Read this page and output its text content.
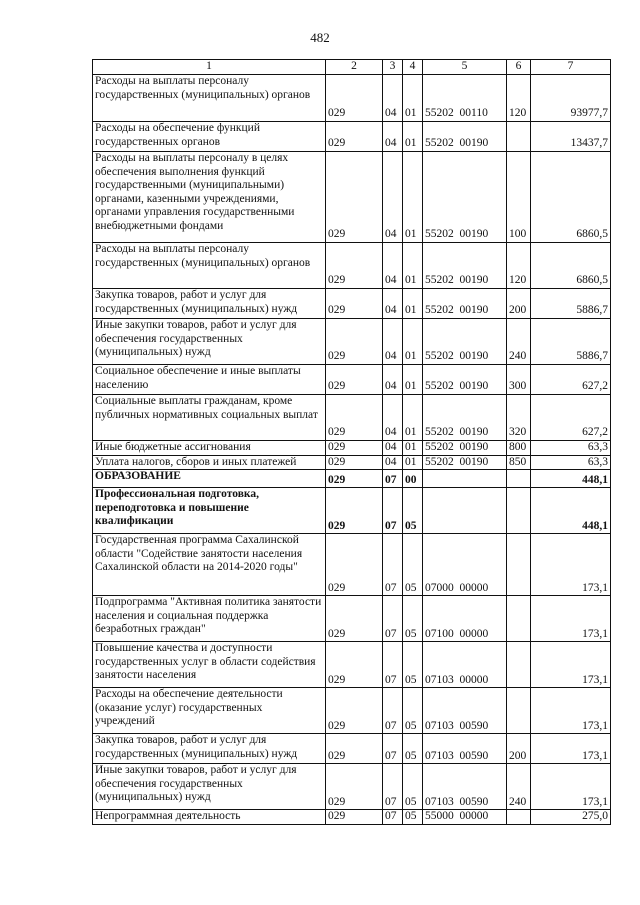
482
1	2	3	4	5	6	7
Расходы на выплаты персоналу государственных (муниципальных) органов	029	04	01	55202  00110	120	93977,7
Расходы на обеспечение функций государственных органов	029	04	01	55202  00190		13437,7
Расходы на выплаты персоналу в целях обеспечения выполнения функций государственными (муниципальными) органами, казенными учреждениями, органами управления государственными внебюджетными фондами	029	04	01	55202  00190	100	6860,5
Расходы на выплаты персоналу государственных (муниципальных) органов	029	04	01	55202  00190	120	6860,5
Закупка товаров, работ и услуг для государственных (муниципальных) нужд	029	04	01	55202  00190	200	5886,7
Иные закупки товаров, работ и услуг для обеспечения государственных (муниципальных) нужд	029	04	01	55202  00190	240	5886,7
Социальное обеспечение и иные выплаты населению	029	04	01	55202  00190	300	627,2
Социальные выплаты гражданам, кроме публичных нормативных социальных выплат	029	04	01	55202  00190	320	627,2
Иные бюджетные ассигнования	029	04	01	55202  00190	800	63,3
Уплата налогов, сборов и иных платежей	029	04	01	55202  00190	850	63,3
ОБРАЗОВАНИЕ	029	07	00			448,1
Профессиональная подготовка, переподготовка и повышение квалификации	029	07	05			448,1
Государственная программа Сахалинской области "Содействие занятости населения Сахалинской области на 2014-2020 годы"	029	07	05	07000  00000		173,1
Подпрограмма "Активная политика занятости населения и социальная поддержка безработных граждан"	029	07	05	07100  00000		173,1
Повышение качества и доступности государственных услуг в области содействия занятости населения	029	07	05	07103  00000		173,1
Расходы на обеспечение деятельности (оказание услуг) государственных учреждений	029	07	05	07103  00590		173,1
Закупка товаров, работ и услуг для государственных (муниципальных) нужд	029	07	05	07103  00590	200	173,1
Иные закупки товаров, работ и услуг для обеспечения государственных (муниципальных) нужд	029	07	05	07103  00590	240	173,1
Непрограммная деятельность	029	07	05	55000  00000		275,0
